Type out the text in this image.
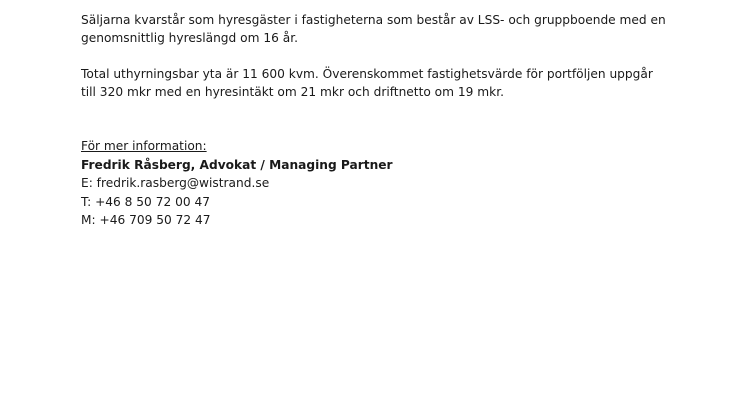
Säljarna kvarstår som hyresgäster i fastigheterna som består av LSS- och gruppboende med en
genomsnittlig hyreslängd om 16 år.

Total uthyrningsbar yta är 11 600 kvm. Överenskommet fastighetsvärde för portföljen uppgår
till 320 mkr med en hyresintäkt om 21 mkr och driftnetto om 19 mkr.

För mer information:
Fredrik Råsberg, Advokat / Managing Partner
E: fredrik.rasberg@wistrand.se
T: +46 8 50 72 00 47
M: +46 709 50 72 47
